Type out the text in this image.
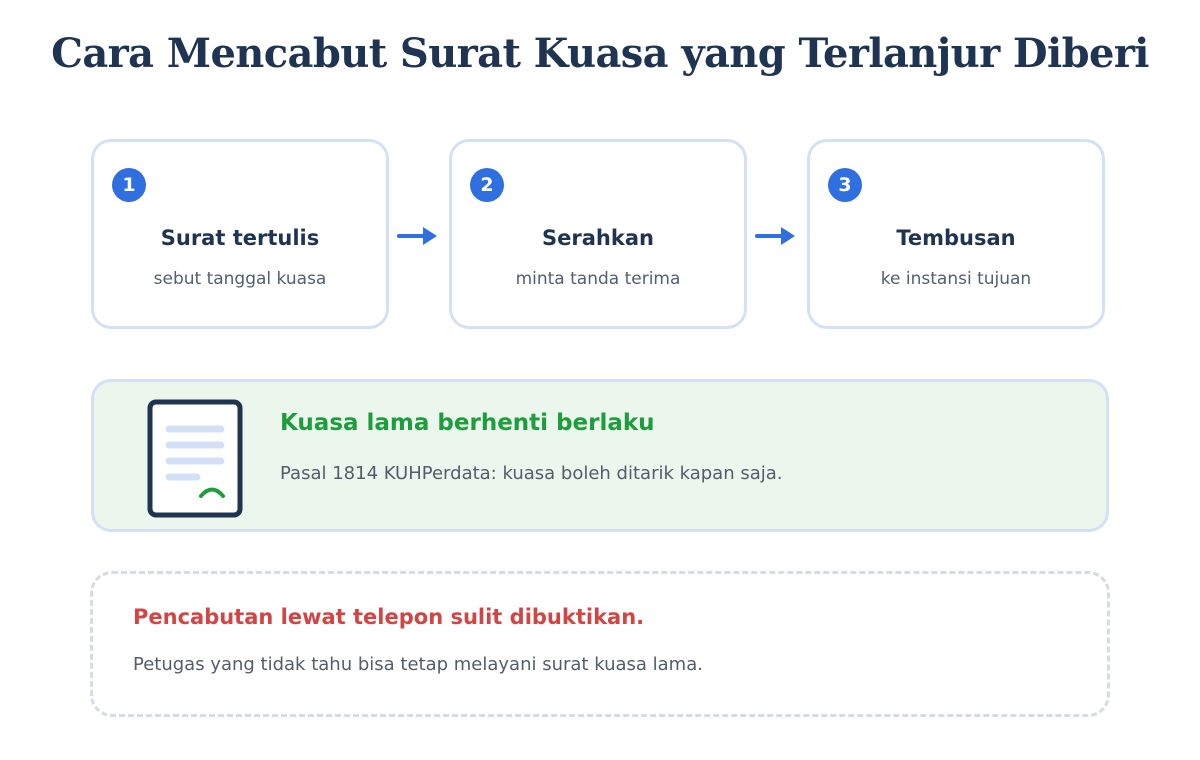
Cara Mencabut Surat Kuasa yang Terlanjur Diberi
1
Surat tertulis
sebut tanggal kuasa
2
Serahkan
minta tanda terima
3
Tembusan
ke instansi tujuan
Kuasa lama berhenti berlaku
Pasal 1814 KUHPerdata: kuasa boleh ditarik kapan saja.
Pencabutan lewat telepon sulit dibuktikan.
Petugas yang tidak tahu bisa tetap melayani surat kuasa lama.
